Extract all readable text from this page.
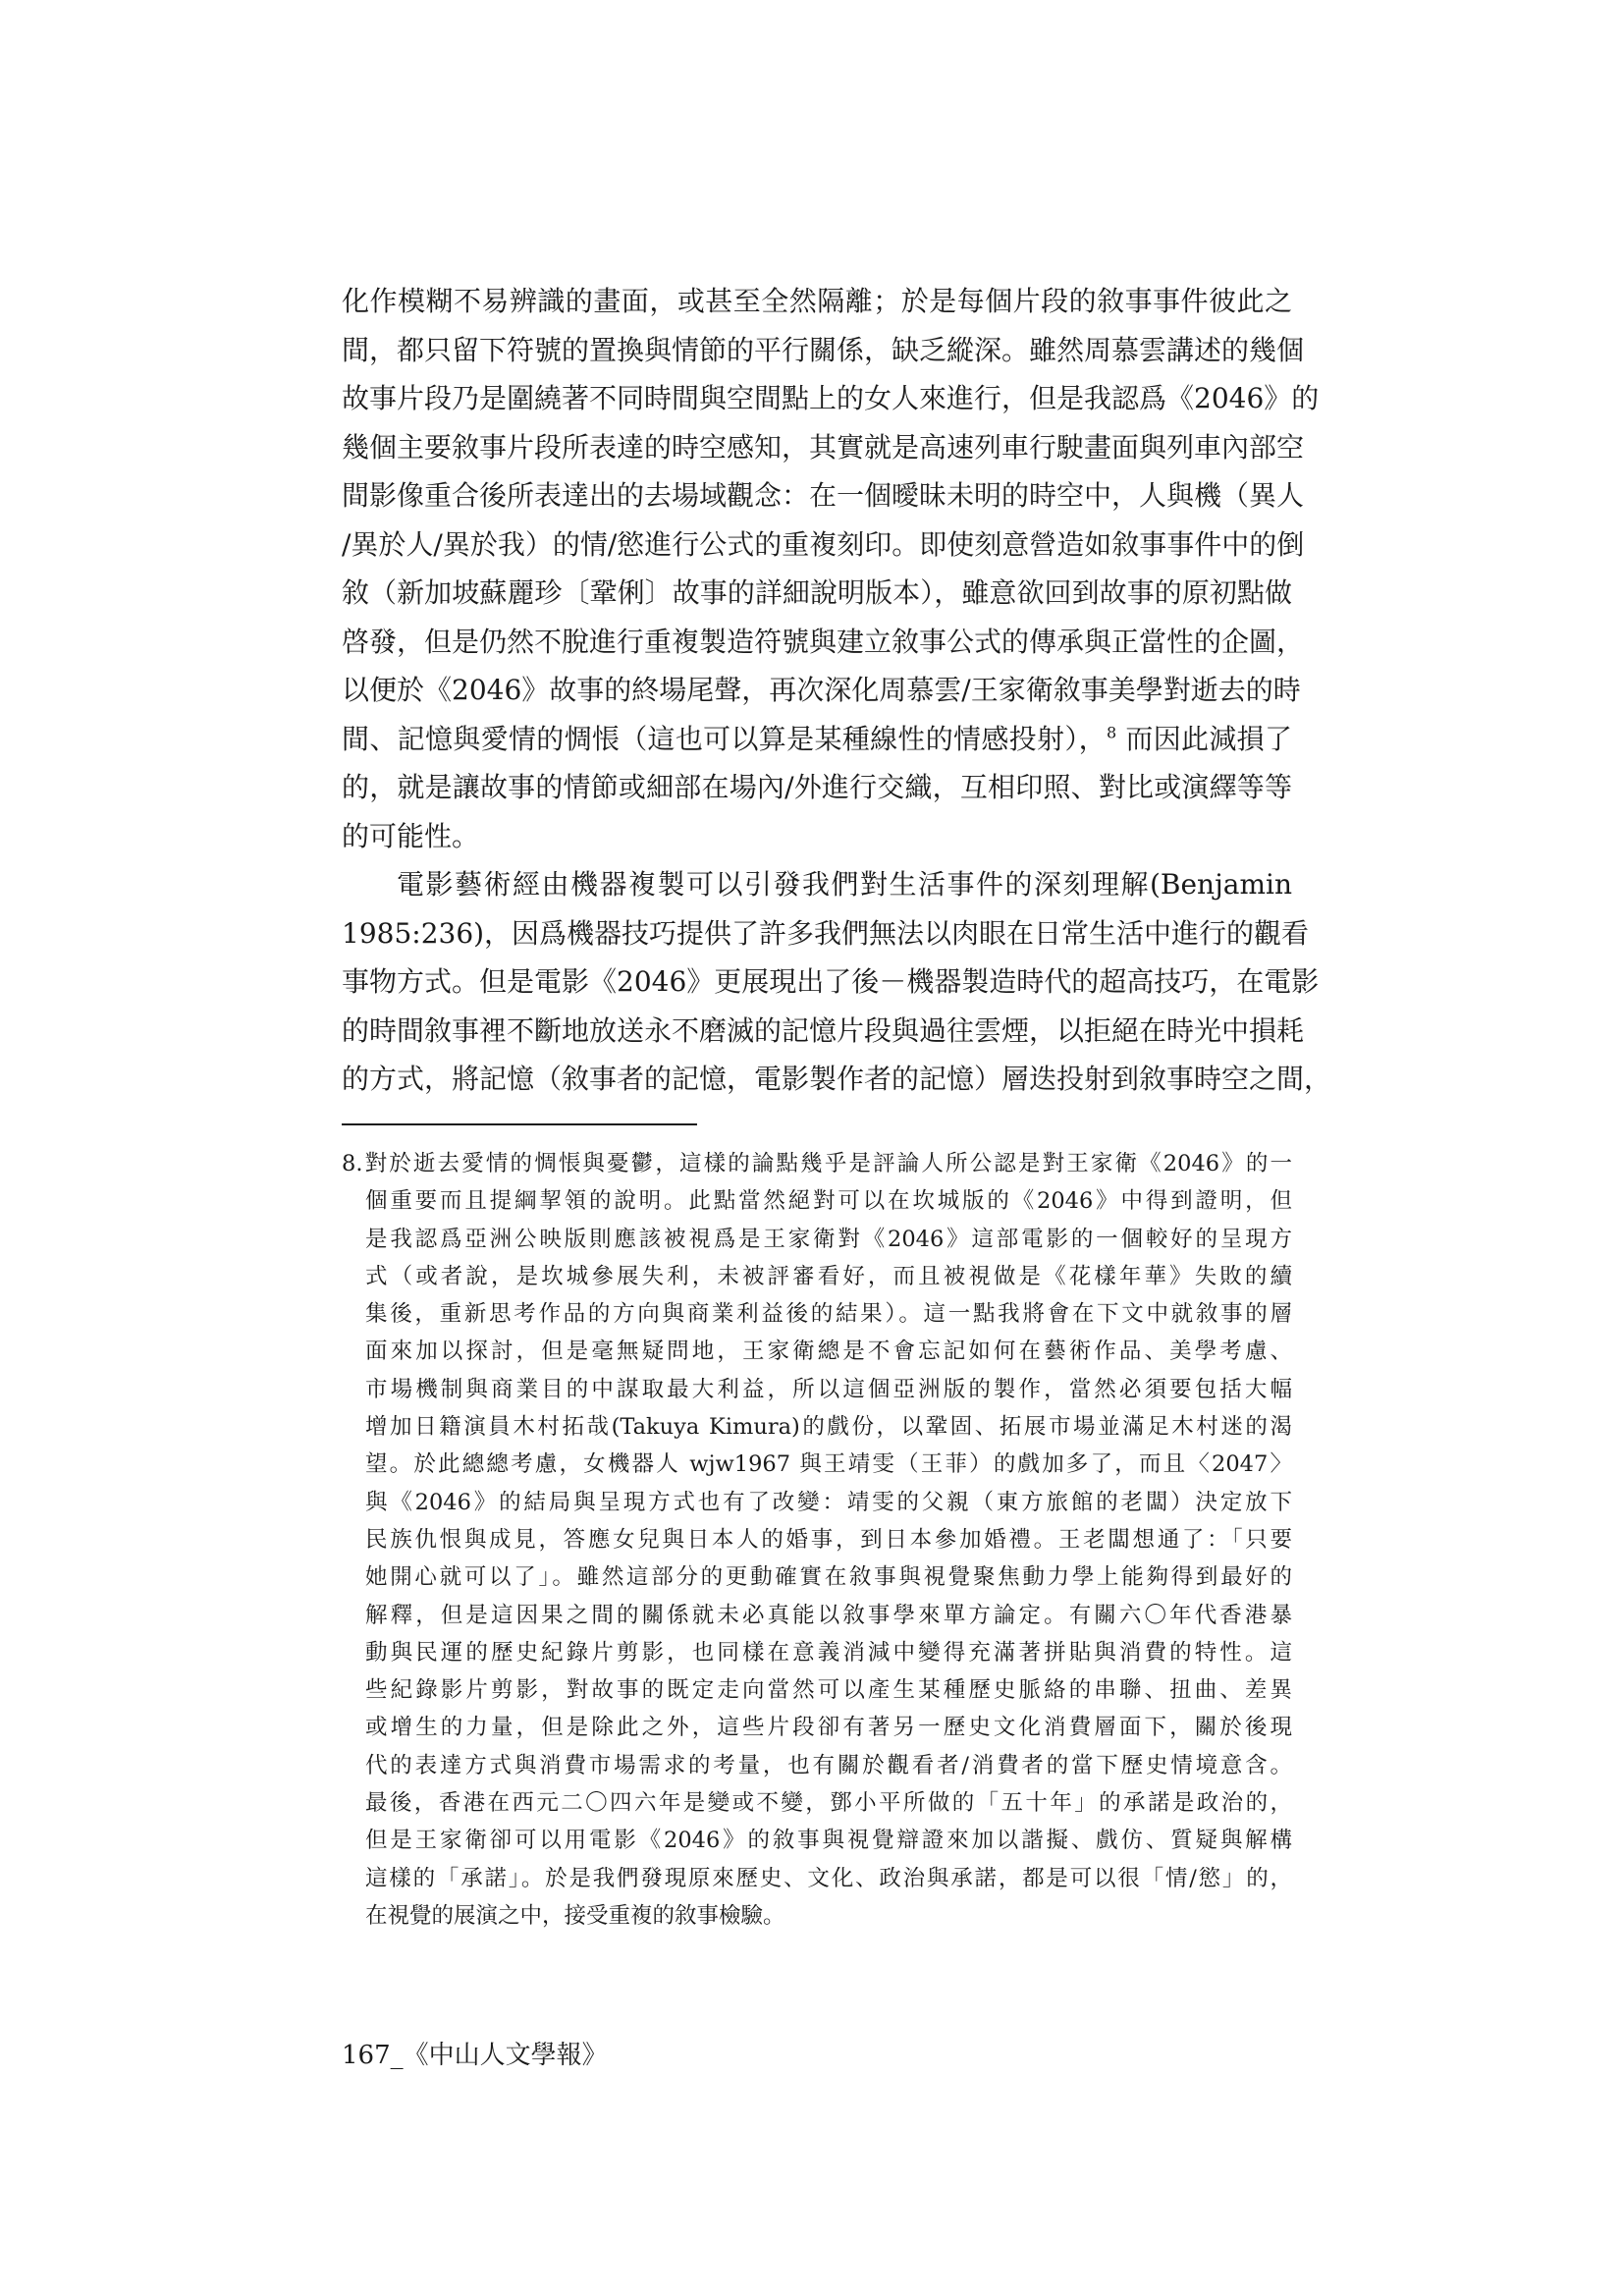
化作模糊不易辨識的畫面，或甚至全然隔離；於是每個片段的敘事事件彼此之
間，都只留下符號的置換與情節的平行關係，缺乏縱深。雖然周慕雲講述的幾個
故事片段乃是圍繞著不同時間與空間點上的女人來進行，但是我認爲《2046》的
幾個主要敘事片段所表達的時空感知，其實就是高速列車行駛畫面與列車內部空
間影像重合後所表達出的去場域觀念：在一個曖昧未明的時空中，人與機（異人
/異於人/異於我）的情/慾進行公式的重複刻印。即使刻意營造如敘事事件中的倒
敘（新加坡蘇麗珍〔鞏俐〕故事的詳細說明版本），雖意欲回到故事的原初點做
啓發，但是仍然不脫進行重複製造符號與建立敘事公式的傳承與正當性的企圖，
以便於《2046》故事的終場尾聲，再次深化周慕雲/王家衛敘事美學對逝去的時
間、記憶與愛情的惆悵（這也可以算是某種線性的情感投射），$^8$ 而因此減損了
的，就是讓故事的情節或細部在場內/外進行交織，互相印照、對比或演繹等等
的可能性。
電影藝術經由機器複製可以引發我們對生活事件的深刻理解(Benjamin
1985:236)，因爲機器技巧提供了許多我們無法以肉眼在日常生活中進行的觀看
事物方式。但是電影《2046》更展現出了後－機器製造時代的超高技巧，在電影
的時間敘事裡不斷地放送永不磨滅的記憶片段與過往雲煙，以拒絕在時光中損耗
的方式，將記憶（敘事者的記憶，電影製作者的記憶）層迭投射到敘事時空之間，
8.對於逝去愛情的惆悵與憂鬱，這樣的論點幾乎是評論人所公認是對王家衛《2046》的一
個重要而且提綱挈領的說明。此點當然絕對可以在坎城版的《2046》中得到證明，但
是我認爲亞洲公映版則應該被視爲是王家衛對《2046》這部電影的一個較好的呈現方
式（或者說，是坎城參展失利，未被評審看好，而且被視做是《花樣年華》失敗的續
集後，重新思考作品的方向與商業利益後的結果）。這一點我將會在下文中就敘事的層
面來加以探討，但是毫無疑問地，王家衛總是不會忘記如何在藝術作品、美學考慮、
市場機制與商業目的中謀取最大利益，所以這個亞洲版的製作，當然必須要包括大幅
增加日籍演員木村拓哉(Takuya Kimura)的戲份，以鞏固、拓展市場並滿足木村迷的渴
望。於此總總考慮，女機器人 wjw1967 與王靖雯（王菲）的戲加多了，而且〈2047〉
與《2046》的結局與呈現方式也有了改變：靖雯的父親（東方旅館的老闆）決定放下
民族仇恨與成見，答應女兒與日本人的婚事，到日本參加婚禮。王老闆想通了：「只要
她開心就可以了」。雖然這部分的更動確實在敘事與視覺聚焦動力學上能夠得到最好的
解釋，但是這因果之間的關係就未必真能以敘事學來單方論定。有關六〇年代香港暴
動與民運的歷史紀錄片剪影，也同樣在意義消減中變得充滿著拼貼與消費的特性。這
些紀錄影片剪影，對故事的既定走向當然可以產生某種歷史脈絡的串聯、扭曲、差異
或增生的力量，但是除此之外，這些片段卻有著另一歷史文化消費層面下，關於後現
代的表達方式與消費市場需求的考量，也有關於觀看者/消費者的當下歷史情境意含。
最後，香港在西元二〇四六年是變或不變，鄧小平所做的「五十年」的承諾是政治的，
但是王家衛卻可以用電影《2046》的敘事與視覺辯證來加以諧擬、戲仿、質疑與解構
這樣的「承諾」。於是我們發現原來歷史、文化、政治與承諾，都是可以很「情/慾」的，
在視覺的展演之中，接受重複的敘事檢驗。
167_《中山人文學報》
